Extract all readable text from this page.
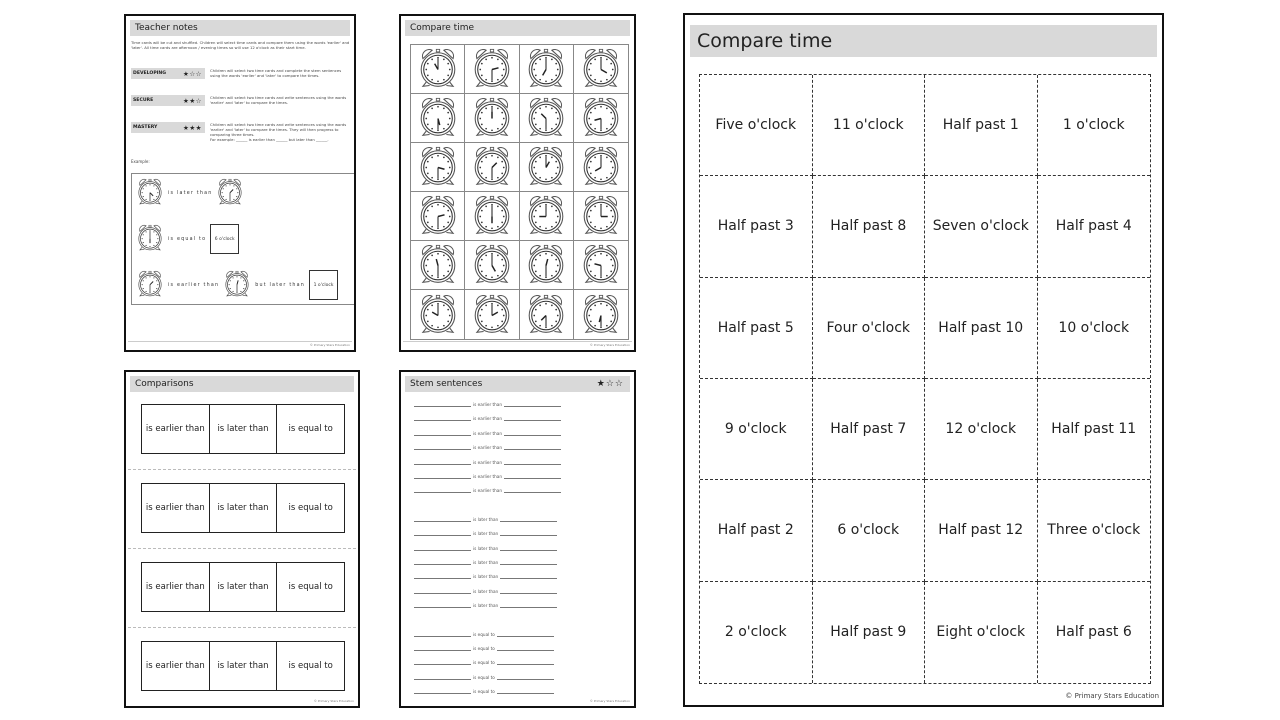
Teacher notes
Time cards will be cut and shuffled. Children will select time cards and compare them using the words 'earlier' and 'later'. All time cards are afternoon / evening times so will use 12 o'clock as their start time.
DEVELOPING	★☆☆ Children will select two time cards and complete the stem sentences using the words 'earlier' and 'later' to compare the times.
SECURE	★★☆ Children will select two time cards and write sentences using the words 'earlier' and 'later' to compare the times.
MASTERY	★★★ Children will select two time cards and write sentences using the words 'earlier' and 'later' to compare the times. They will then progress to comparing three times.
For example: ______ is earlier than ______ but later than ______.
Example:
is later than
is equal to	6 o'clock
is earlier than	but later than	1 o'clock
© Primary Stars Education
Compare time
© Primary Stars Education
Comparisons
is earlier than	is later than	is equal to
is earlier than	is later than	is equal to
is earlier than	is later than	is equal to
is earlier than	is later than	is equal to
© Primary Stars Education
Stem sentences	★☆☆
is earlier than
is earlier than
is earlier than
is earlier than
is earlier than
is earlier than
is earlier than
is later than
is later than
is later than
is later than
is later than
is later than
is later than
is equal to
is equal to
is equal to
is equal to
is equal to
© Primary Stars Education
Compare time
Five o'clock	11 o'clock	Half past 1	1 o'clock
Half past 3	Half past 8	Seven o'clock	Half past 4
Half past 5	Four o'clock	Half past 10	10 o'clock
9 o'clock	Half past 7	12 o'clock	Half past 11
Half past 2	6 o'clock	Half past 12	Three o'clock
2 o'clock	Half past 9	Eight o'clock	Half past 6
© Primary Stars Education
